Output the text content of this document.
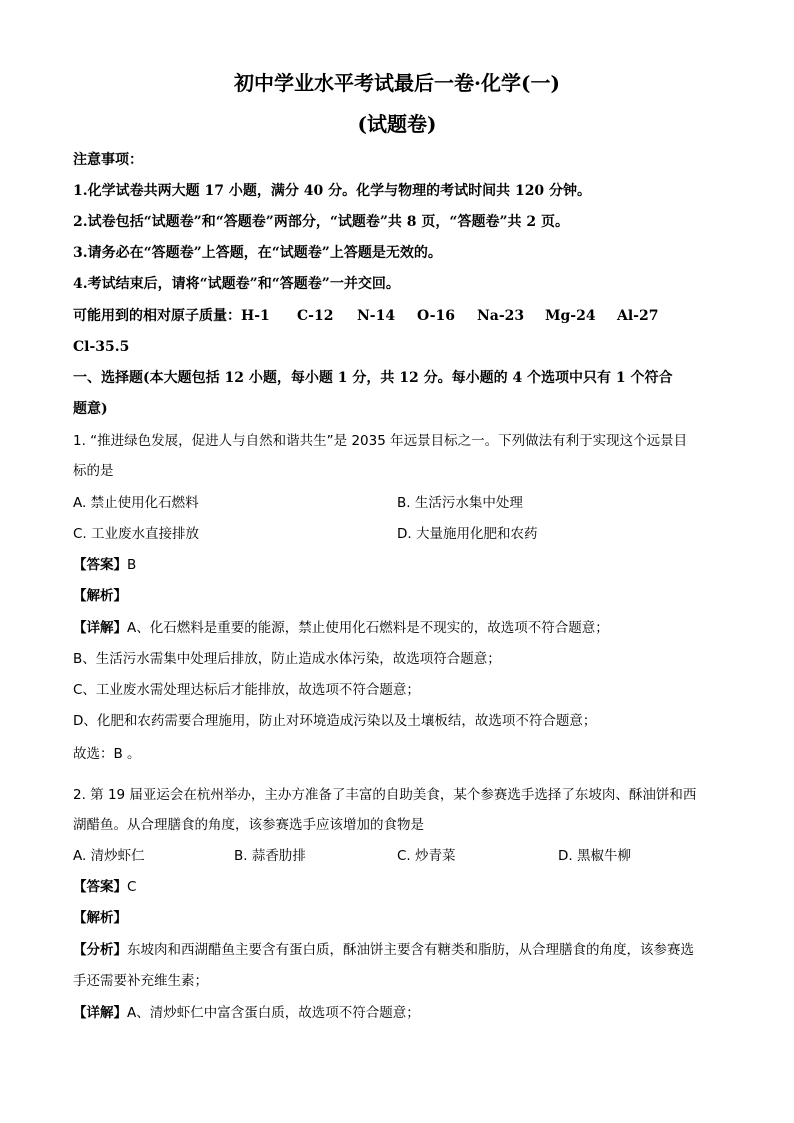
初中学业水平考试最后一卷·化学(一)
(试题卷)
注意事项：
1.化学试卷共两大题 17 小题，满分 40 分。化学与物理的考试时间共 120 分钟。
2.试卷包括“试题卷”和“答题卷”两部分，“试题卷”共 8 页，“答题卷”共 2 页。
3.请务必在“答题卷”上答题，在“试题卷”上答题是无效的。
4.考试结束后，请将“试题卷”和“答题卷”一并交回。
可能用到的相对原子质量： H-1	C-12	N-14	O-16	Na-23	Mg-24	Al-27
Cl-35.5
一、选择题(本大题包括 12 小题，每小题 1 分，共 12 分。每小题的 4 个选项中只有 1 个符合
题意)
1. “推进绿色发展，促进人与自然和谐共生”是 2035 年远景目标之一。下列做法有利于实现这个远景目
标的是
A. 禁止使用化石燃料	B. 生活污水集中处理
C. 工业废水直接排放	D. 大量施用化肥和农药
【答案】B
【解析】
【详解】A、化石燃料是重要的能源，禁止使用化石燃料是不现实的，故选项不符合题意；
B、生活污水需集中处理后排放，防止造成水体污染，故选项符合题意；
C、工业废水需处理达标后才能排放，故选项不符合题意；
D、化肥和农药需要合理施用，防止对环境造成污染以及土壤板结，故选项不符合题意；
故选：B 。
2. 第 19 届亚运会在杭州举办，主办方准备了丰富的自助美食，某个参赛选手选择了东坡肉、酥油饼和西
湖醋鱼。从合理膳食的角度，该参赛选手应该增加的食物是
A. 清炒虾仁	B. 蒜香肋排	C. 炒青菜	D. 黑椒牛柳
【答案】C
【解析】
【分析】东坡肉和西湖醋鱼主要含有蛋白质，酥油饼主要含有糖类和脂肪，从合理膳食的角度，该参赛选
手还需要补充维生素；
【详解】A、清炒虾仁中富含蛋白质，故选项不符合题意；
